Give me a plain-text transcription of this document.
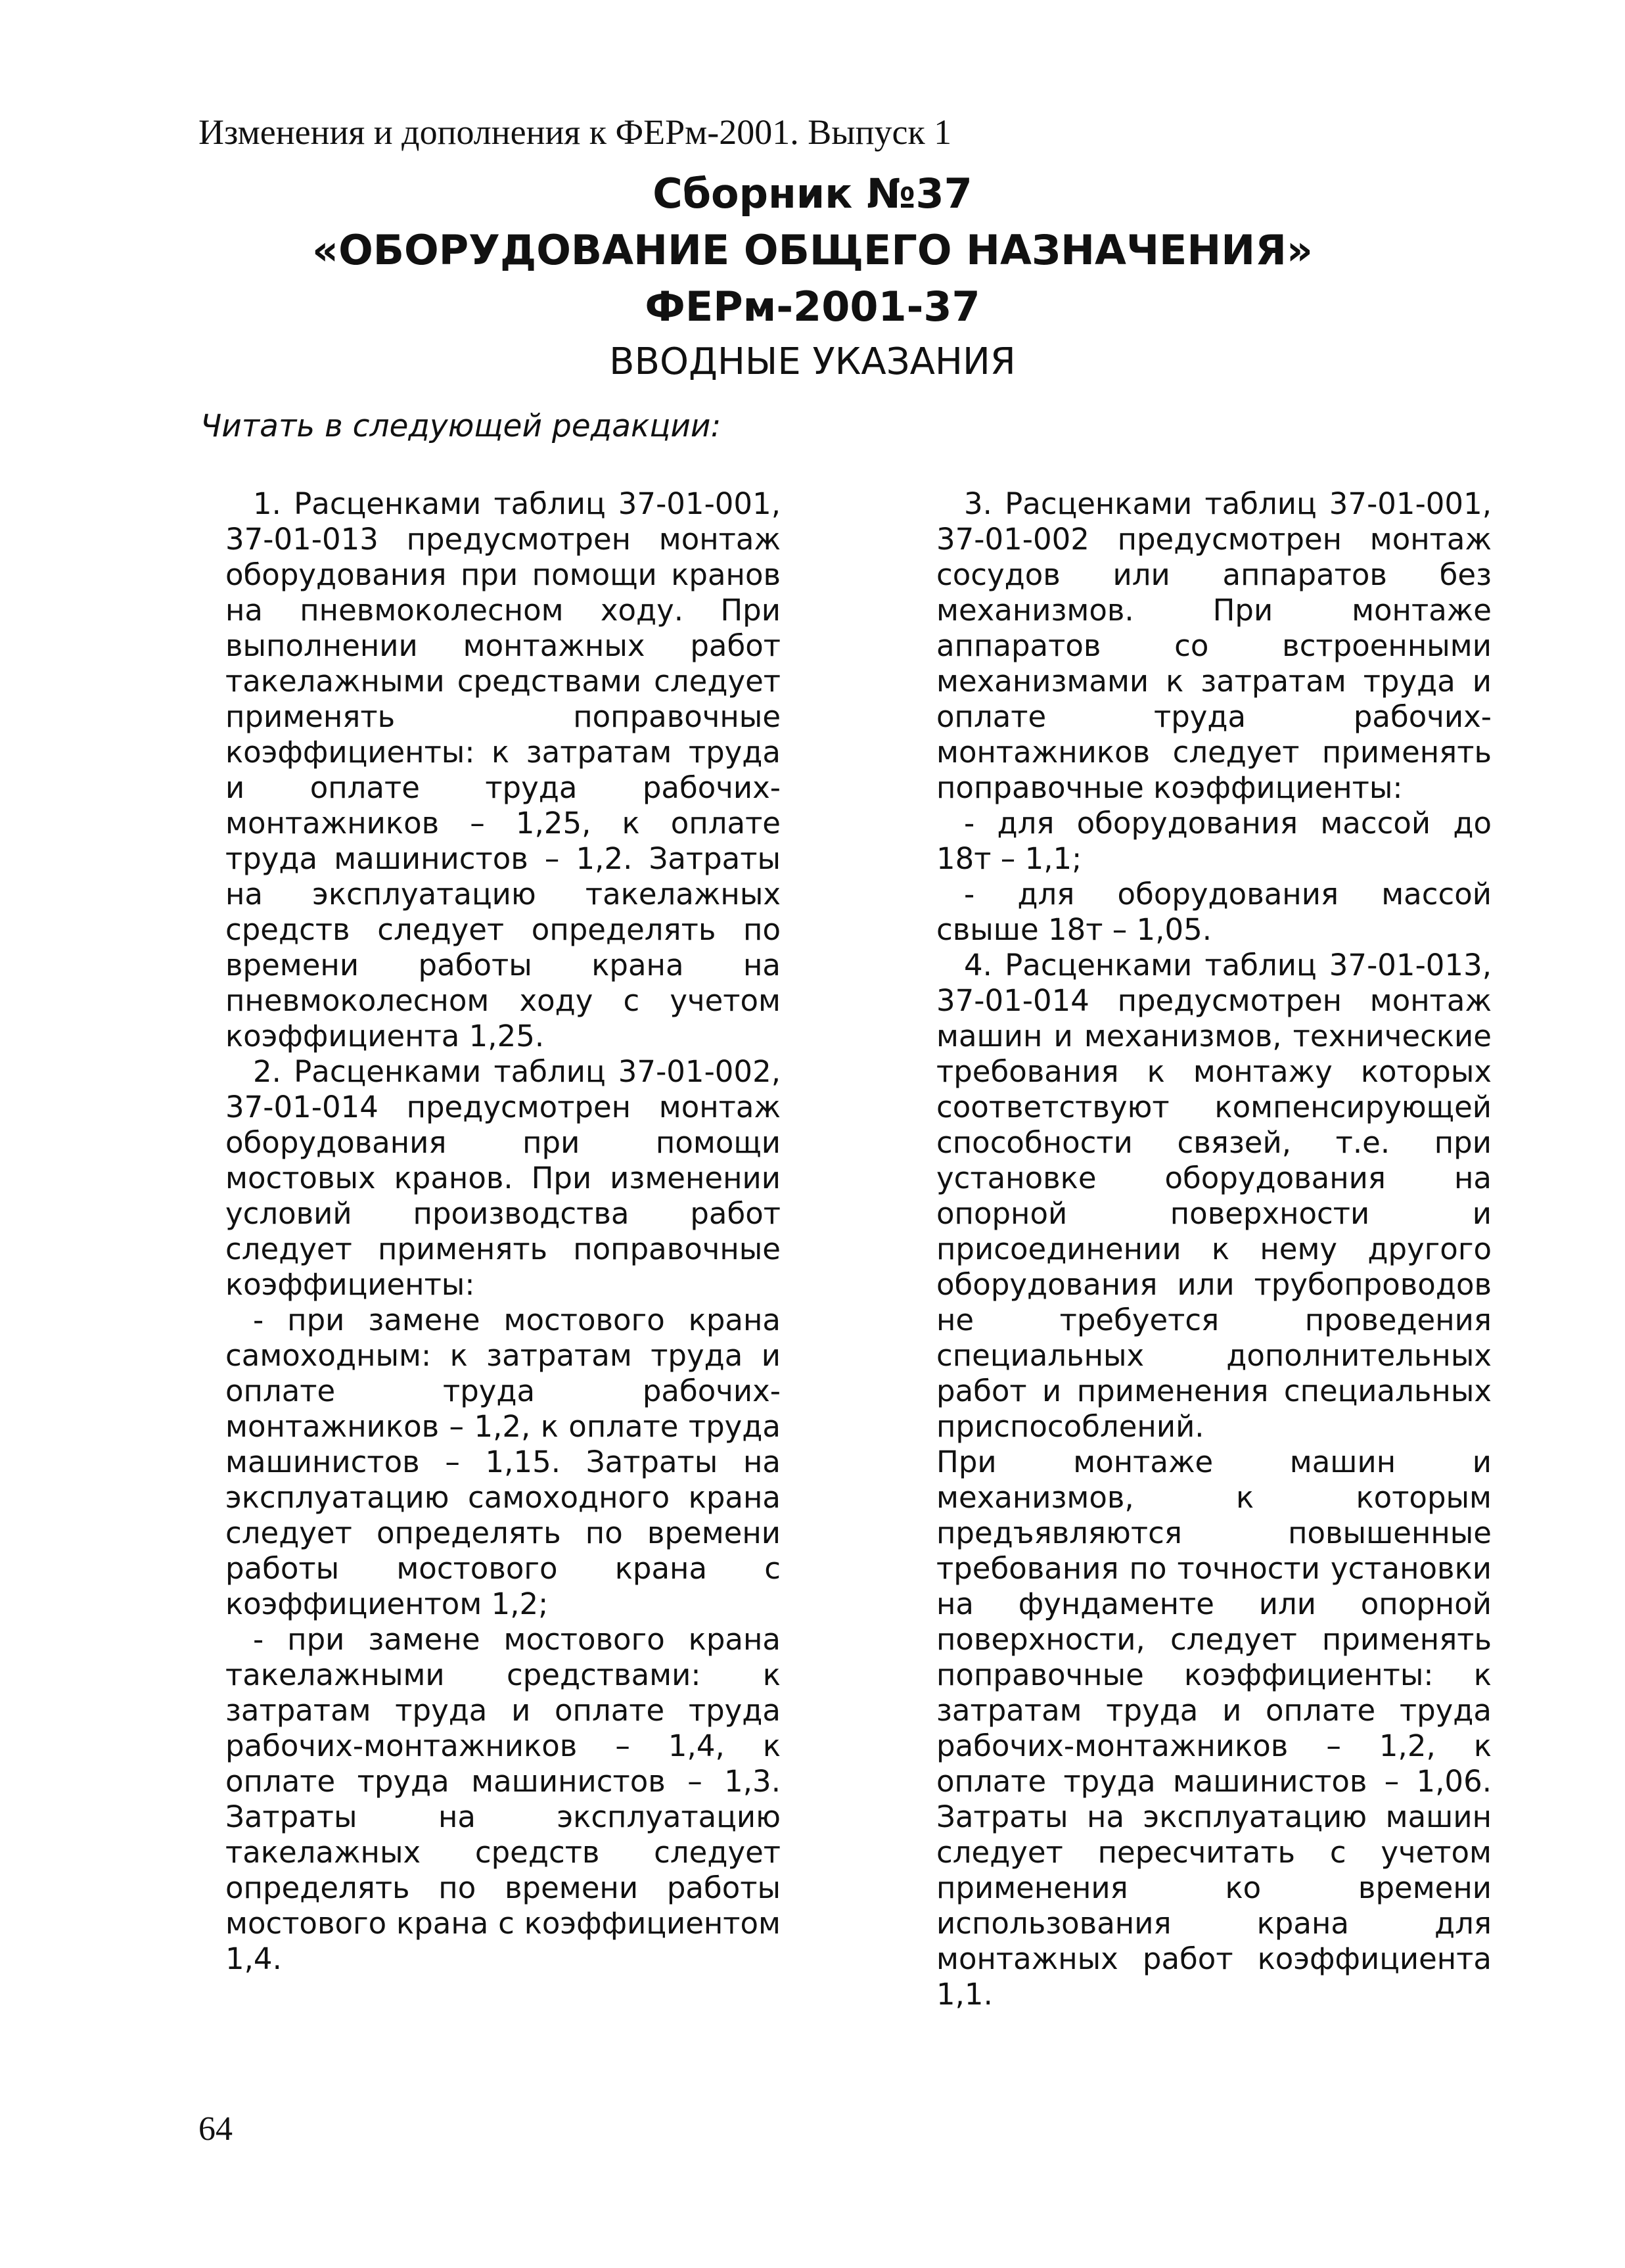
Изменения и дополнения к ФЕРм-2001. Выпуск 1
Сборник №37
«ОБОРУДОВАНИЕ ОБЩЕГО НАЗНАЧЕНИЯ»
ФЕРм-2001-37
ВВОДНЫЕ УКАЗАНИЯ
Читать в следующей редакции:

1. Расценками таблиц 37-01-001, 37-01-013 предусмотрен монтаж оборудования при помощи кранов на пневмоколесном ходу. При выполнении монтажных работ такелажными средствами следует применять поправочные коэффициенты: к затратам труда и оплате труда рабочих-монтажников – 1,25, к оплате труда машинистов – 1,2. Затраты на эксплуатацию такелажных средств следует определять по времени работы крана на пневмоколесном ходу с учетом коэффициента 1,25.

2. Расценками таблиц 37-01-002, 37-01-014 предусмотрен монтаж оборудования при помощи мостовых кранов. При изменении условий производства работ следует применять поправочные коэффициенты:

- при замене мостового крана самоходным: к затратам труда и оплате труда рабочих-монтажников – 1,2, к оплате труда машинистов – 1,15. Затраты на эксплуатацию самоходного крана следует определять по времени работы мостового крана с коэффициентом 1,2;

- при замене мостового крана такелажными средствами: к затратам труда и оплате труда рабочих-монтажников – 1,4, к оплате труда машинистов – 1,3. Затраты на эксплуатацию такелажных средств следует определять по времени работы мостового крана с коэффициентом 1,4.

3. Расценками таблиц 37-01-001, 37-01-002 предусмотрен монтаж сосудов или аппаратов без механизмов. При монтаже аппаратов со встроенными механизмами к затратам труда и оплате труда рабочих-монтажников следует применять поправочные коэффициенты:

- для оборудования массой до 18т – 1,1;

- для оборудования массой свыше 18т – 1,05.

4. Расценками таблиц 37-01-013, 37-01-014 предусмотрен монтаж машин и механизмов, технические требования к монтажу которых соответствуют компенсирующей способности связей, т.е. при установке оборудования на опорной поверхности и присоединении к нему другого оборудования или трубопроводов не требуется проведения специальных дополнительных работ и применения специальных приспособлений.

При монтаже машин и механизмов, к которым предъявляются повышенные требования по точности установки на фундаменте или опорной поверхности, следует применять поправочные коэффициенты: к затратам труда и оплате труда рабочих-монтажников – 1,2, к оплате труда машинистов – 1,06. Затраты на эксплуатацию машин следует пересчитать с учетом применения ко времени использования крана для монтажных работ коэффициента 1,1.

64
